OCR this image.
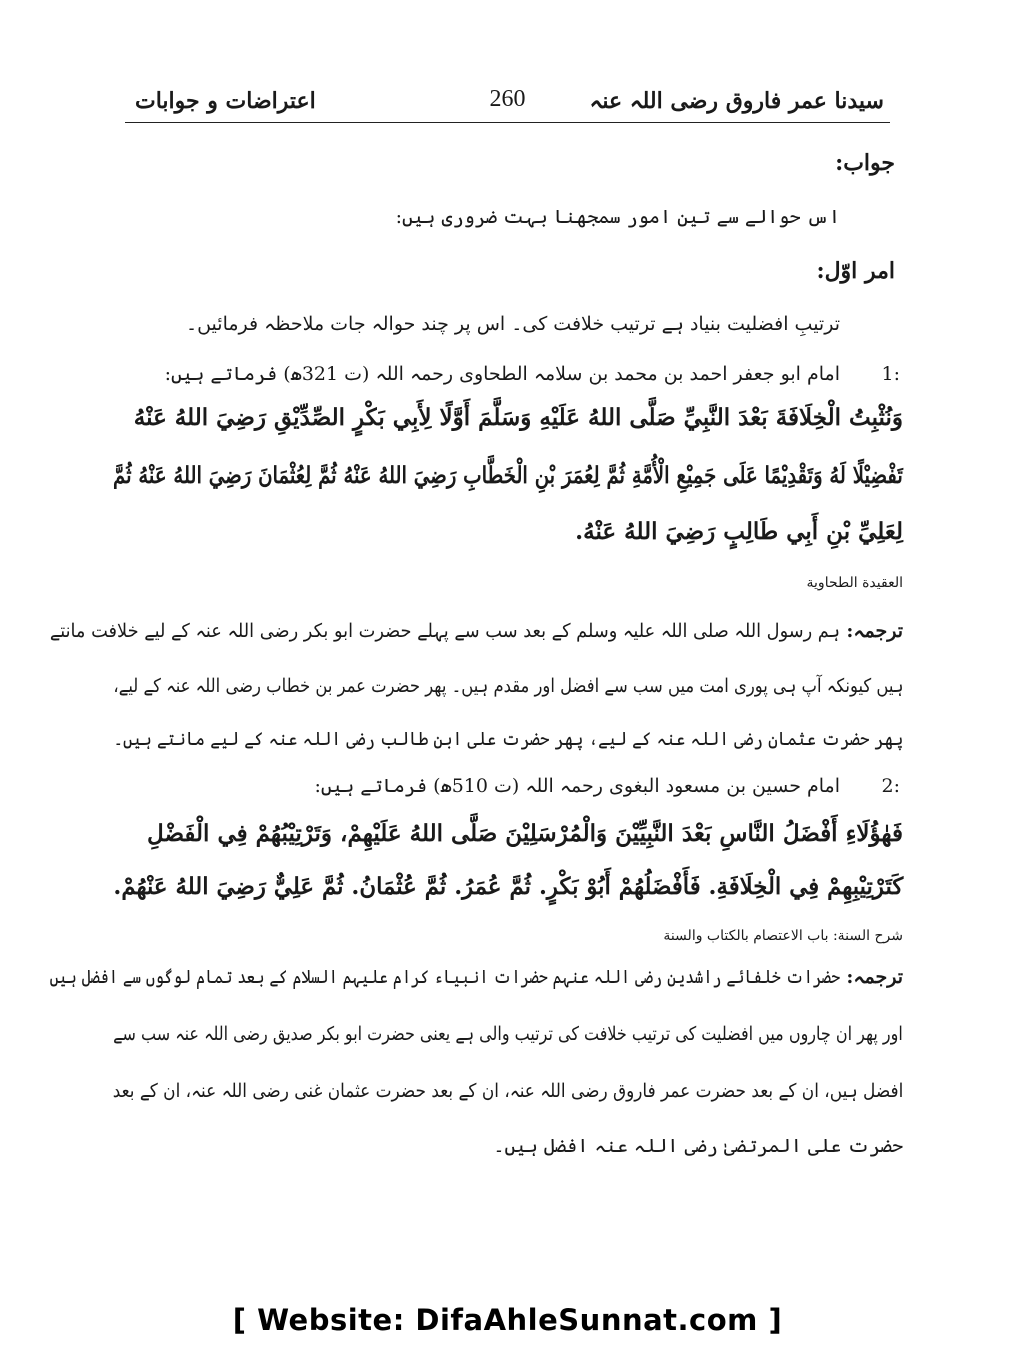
سیدنا عمر فاروق رضی اللہ عنہ
260
اعتراضات و جوابات
جواب:
اس حوالے سے تین امور سمجھنا بہت ضروری ہیں:
امر اوّل:
ترتیبِ افضلیت بنیاد ہے ترتیب خلافت کی۔ اس پر چند حوالہ جات ملاحظہ فرمائیں۔
1:
امام ابو جعفر احمد بن محمد بن سلامہ الطحاوی رحمہ اللہ (ت 321ھ) فرماتے ہیں:
وَنُثْبِتُ الْخِلَافَةَ بَعْدَ النَّبِيِّ صَلَّى اللهُ عَلَيْهِ وَسَلَّمَ أَوَّلًا لِأَبِي بَكْرٍ الصِّدِّيْقِ رَضِيَ اللهُ عَنْهُ
تَفْضِيْلًا لَهُ وَتَقْدِيْمًا عَلَى جَمِيْعِ الْأُمَّةِ ثُمَّ لِعُمَرَ بْنِ الْخَطَّابِ رَضِيَ اللهُ عَنْهُ ثُمَّ لِعُثْمَانَ رَضِيَ اللهُ عَنْهُ ثُمَّ
لِعَلِيِّ بْنِ أَبِي طَالِبٍ رَضِيَ اللهُ عَنْهُ.
العقيدة الطحاوية
ترجمہ:
ہم رسول اللہ صلی اللہ علیہ وسلم کے بعد سب سے پہلے حضرت ابو بکر رضی اللہ عنہ کے لیے خلافت مانتے
ہیں کیونکہ آپ ہی پوری امت میں سب سے افضل اور مقدم ہیں۔ پھر حضرت عمر بن خطاب رضی اللہ عنہ کے لیے،
پھر حضرت عثمان رضی اللہ عنہ کے لیے، پھر حضرت علی ابن طالب رضی اللہ عنہ کے لیے مانتے ہیں۔
2:
امام حسین بن مسعود البغوی رحمہ اللہ (ت 510ھ) فرماتے ہیں:
فَهٰؤُلَاءِ أَفْضَلُ النَّاسِ بَعْدَ النَّبِيِّيْنَ وَالْمُرْسَلِيْنَ صَلَّى اللهُ عَلَيْهِمْ، وَتَرْتِيْبُهُمْ فِي الْفَضْلِ
كَتَرْتِيْبِهِمْ فِي الْخِلَافَةِ. فَأَفْضَلُهُمْ أَبُوْ بَكْرٍ. ثُمَّ عُمَرُ. ثُمَّ عُثْمَانُ. ثُمَّ عَلِيٌّ رَضِيَ اللهُ عَنْهُمْ.
شرح السنة: باب الاعتصام بالكتاب والسنة
ترجمہ:
حضرات خلفائے راشدین رضی اللہ عنہم حضرات انبیاء کرام علیہم السلام کے بعد تمام لوگوں سے افضل ہیں
اور پھر ان چاروں میں افضلیت کی ترتیب خلافت کی ترتیب والی ہے یعنی حضرت ابو بکر صدیق رضی اللہ عنہ سب سے
افضل ہیں، ان کے بعد حضرت عمر فاروق رضی اللہ عنہ، ان کے بعد حضرت عثمان غنی رضی اللہ عنہ، ان کے بعد
حضرت علی المرتضیٰ رضی اللہ عنہ افضل ہیں۔
[ Website: DifaAhleSunnat.com ]
